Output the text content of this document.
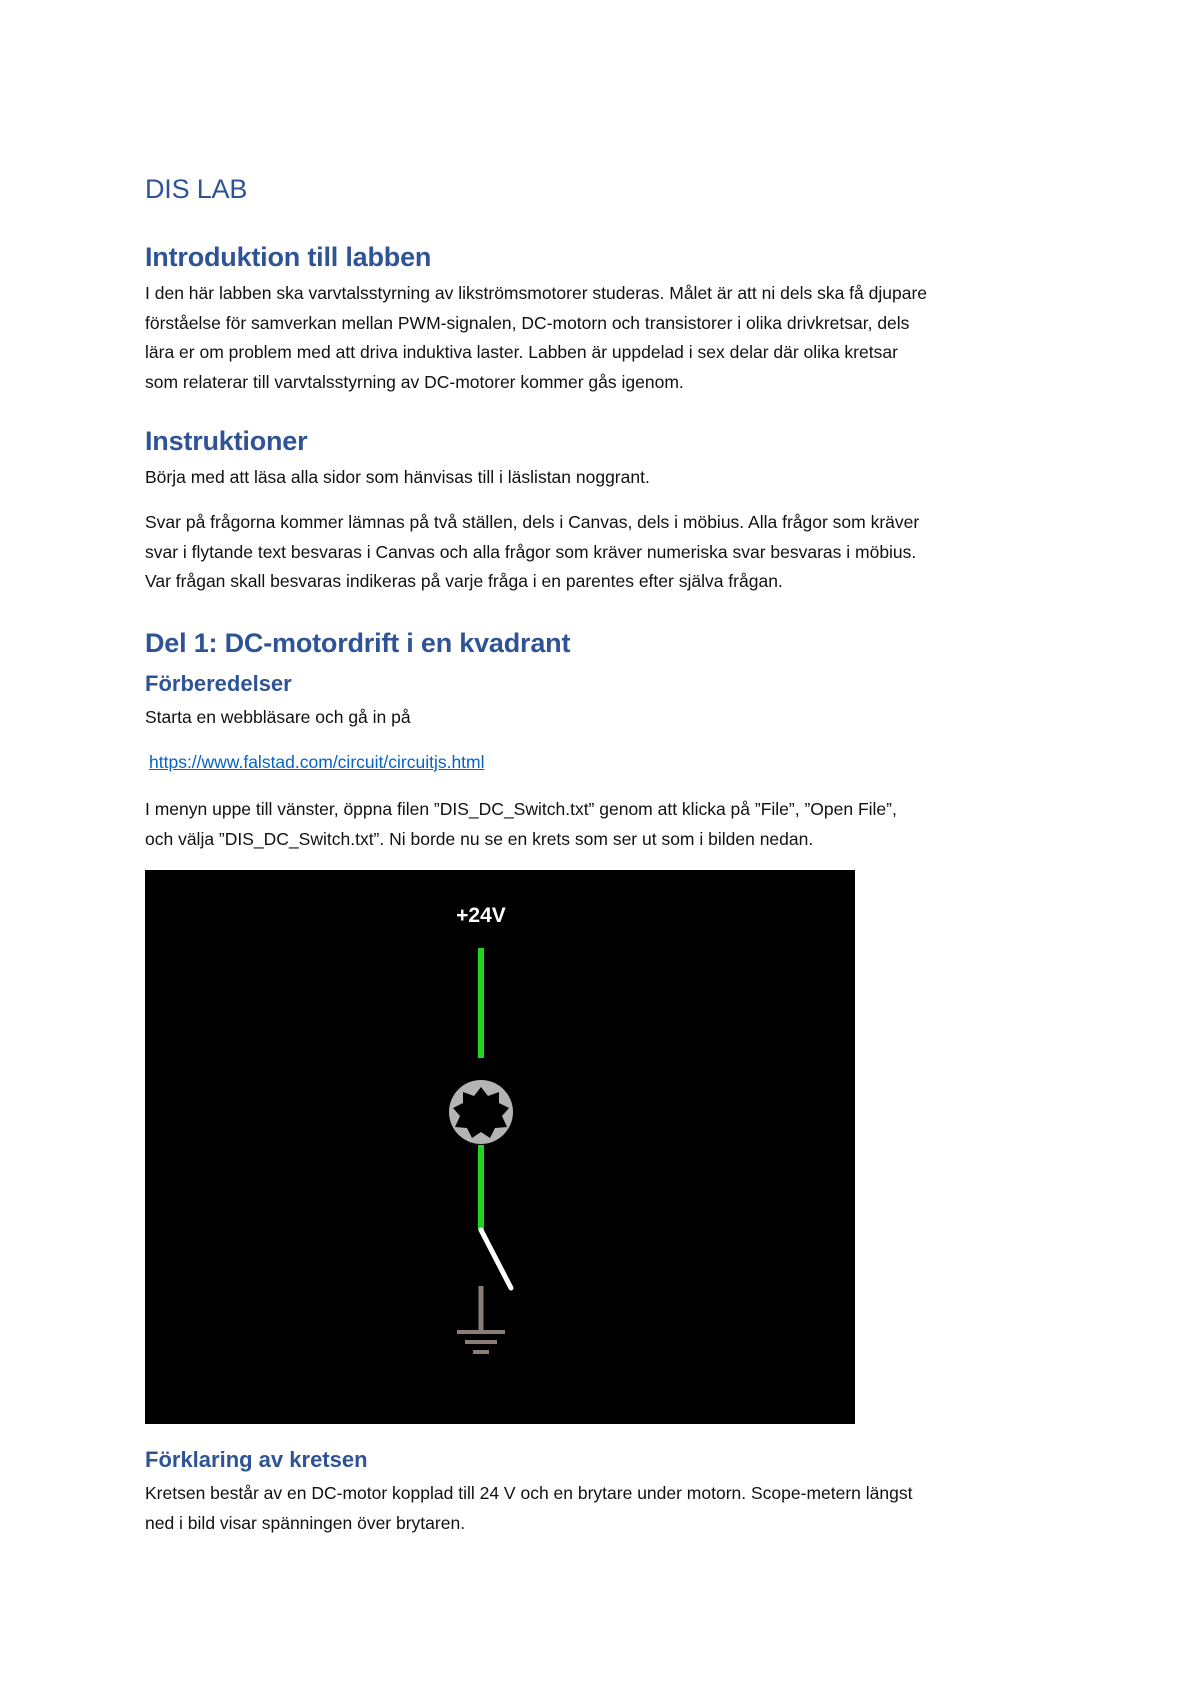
DIS LAB
Introduktion till labben

I den här labben ska varvtalsstyrning av likströmsmotorer studeras. Målet är att ni dels ska få djupare

förståelse för samverkan mellan PWM-signalen, DC-motorn och transistorer i olika drivkretsar, dels

lära er om problem med att driva induktiva laster. Labben är uppdelad i sex delar där olika kretsar

som relaterar till varvtalsstyrning av DC-motorer kommer gås igenom.

Instruktioner

Börja med att läsa alla sidor som hänvisas till i läslistan noggrant.

Svar på frågorna kommer lämnas på två ställen, dels i Canvas, dels i möbius. Alla frågor som kräver

svar i flytande text besvaras i Canvas och alla frågor som kräver numeriska svar besvaras i möbius.

Var frågan skall besvaras indikeras på varje fråga i en parentes efter själva frågan.

Del 1: DC-motordrift i en kvadrant
Förberedelser

Starta en webbläsare och gå in på

https://www.falstad.com/circuit/circuitjs.html

I menyn uppe till vänster, öppna filen ”DIS_DC_Switch.txt” genom att klicka på ”File”, ”Open File”,

och välja ”DIS_DC_Switch.txt”. Ni borde nu se en krets som ser ut som i bilden nedan.

+24V
Förklaring av kretsen

Kretsen består av en DC-motor kopplad till 24 V och en brytare under motorn. Scope-metern längst

ned i bild visar spänningen över brytaren.
